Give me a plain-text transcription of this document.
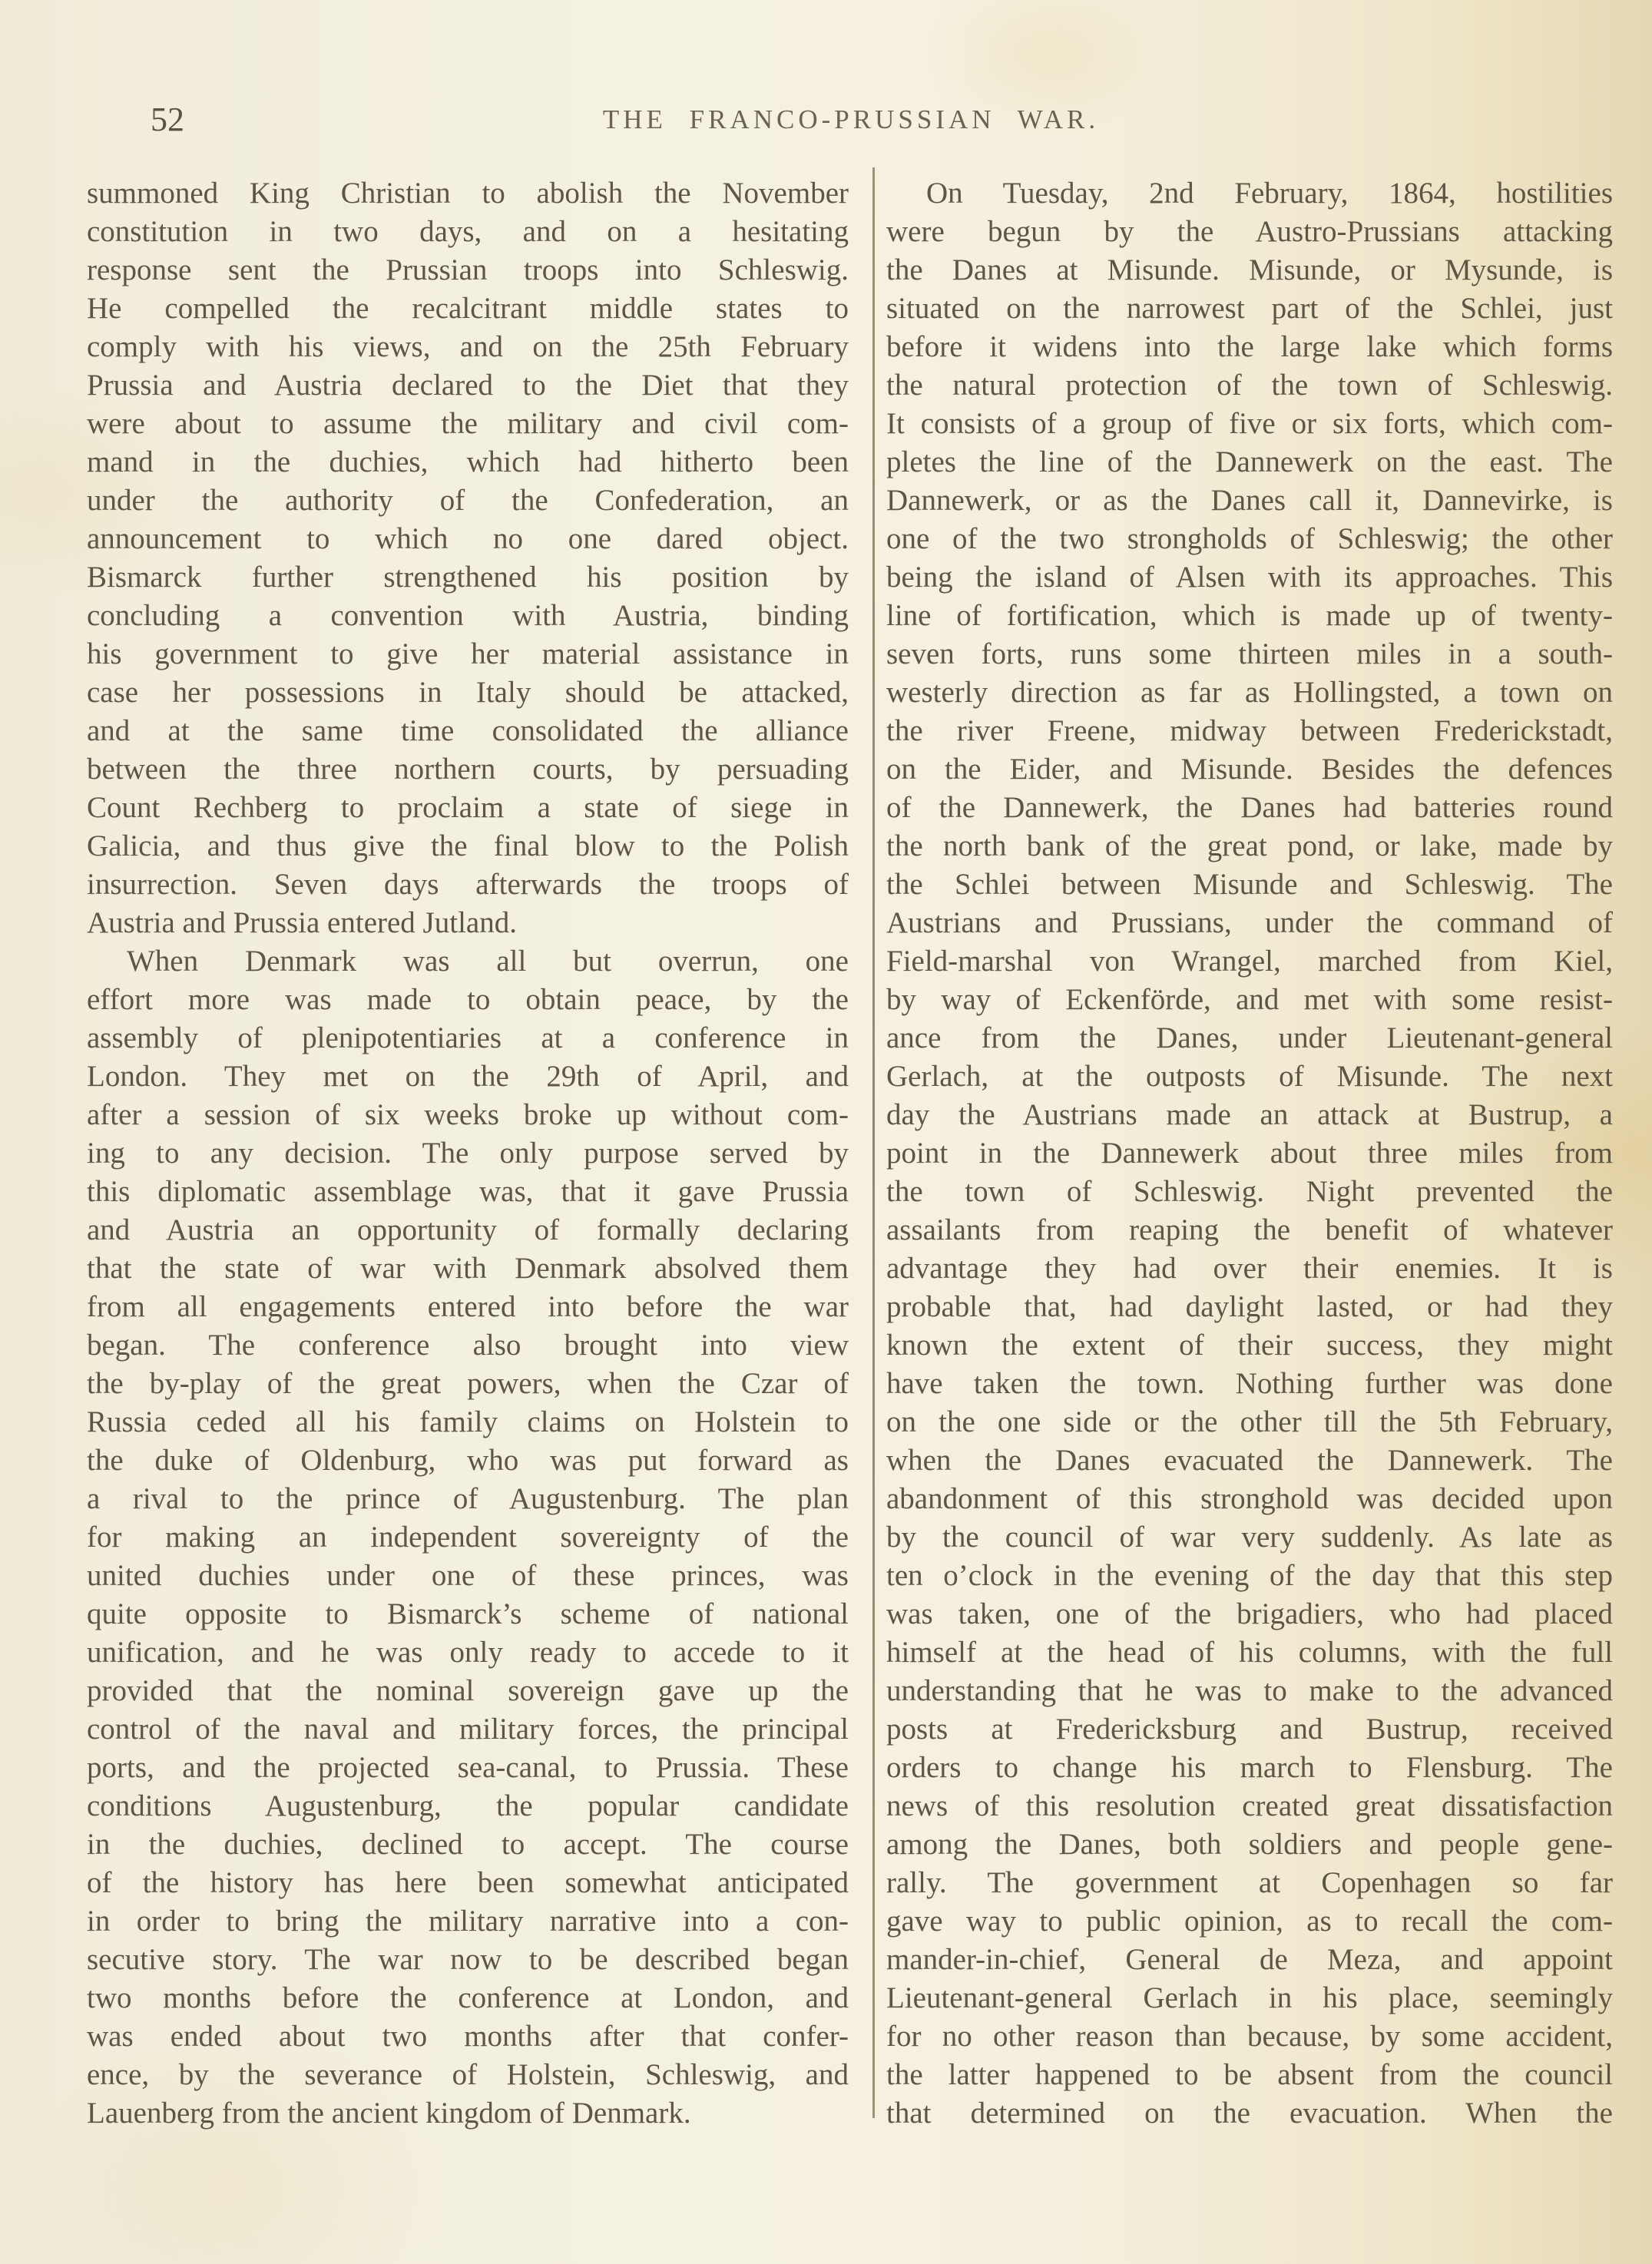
52	THE FRANCO-PRUSSIAN WAR.
summoned King Christian to abolish the November
constitution in two days, and on a hesitating
response sent the Prussian troops into Schleswig.
He compelled the recalcitrant middle states to
comply with his views, and on the 25th February
Prussia and Austria declared to the Diet that they
were about to assume the military and civil com-
mand in the duchies, which had hitherto been
under the authority of the Confederation, an
announcement to which no one dared object.
Bismarck further strengthened his position by
concluding a convention with Austria, binding
his government to give her material assistance in
case her possessions in Italy should be attacked,
and at the same time consolidated the alliance
between the three northern courts, by persuading
Count Rechberg to proclaim a state of siege in
Galicia, and thus give the final blow to the Polish
insurrection. Seven days afterwards the troops of
Austria and Prussia entered Jutland.
When Denmark was all but overrun, one
effort more was made to obtain peace, by the
assembly of plenipotentiaries at a conference in
London. They met on the 29th of April, and
after a session of six weeks broke up without com-
ing to any decision. The only purpose served by
this diplomatic assemblage was, that it gave Prussia
and Austria an opportunity of formally declaring
that the state of war with Denmark absolved them
from all engagements entered into before the war
began. The conference also brought into view
the by-play of the great powers, when the Czar of
Russia ceded all his family claims on Holstein to
the duke of Oldenburg, who was put forward as
a rival to the prince of Augustenburg. The plan
for making an independent sovereignty of the
united duchies under one of these princes, was
quite opposite to Bismarck’s scheme of national
unification, and he was only ready to accede to it
provided that the nominal sovereign gave up the
control of the naval and military forces, the principal
ports, and the projected sea-canal, to Prussia. These
conditions Augustenburg, the popular candidate
in the duchies, declined to accept. The course
of the history has here been somewhat anticipated
in order to bring the military narrative into a con-
secutive story. The war now to be described began
two months before the conference at London, and
was ended about two months after that confer-
ence, by the severance of Holstein, Schleswig, and
Lauenberg from the ancient kingdom of Denmark.
On Tuesday, 2nd February, 1864, hostilities
were begun by the Austro-Prussians attacking
the Danes at Misunde. Misunde, or Mysunde, is
situated on the narrowest part of the Schlei, just
before it widens into the large lake which forms
the natural protection of the town of Schleswig.
It consists of a group of five or six forts, which com-
pletes the line of the Dannewerk on the east. The
Dannewerk, or as the Danes call it, Dannevirke, is
one of the two strongholds of Schleswig; the other
being the island of Alsen with its approaches. This
line of fortification, which is made up of twenty-
seven forts, runs some thirteen miles in a south-
westerly direction as far as Hollingsted, a town on
the river Freene, midway between Frederickstadt,
on the Eider, and Misunde. Besides the defences
of the Dannewerk, the Danes had batteries round
the north bank of the great pond, or lake, made by
the Schlei between Misunde and Schleswig. The
Austrians and Prussians, under the command of
Field-marshal von Wrangel, marched from Kiel,
by way of Eckenförde, and met with some resist-
ance from the Danes, under Lieutenant-general
Gerlach, at the outposts of Misunde. The next
day the Austrians made an attack at Bustrup, a
point in the Dannewerk about three miles from
the town of Schleswig. Night prevented the
assailants from reaping the benefit of whatever
advantage they had over their enemies. It is
probable that, had daylight lasted, or had they
known the extent of their success, they might
have taken the town. Nothing further was done
on the one side or the other till the 5th February,
when the Danes evacuated the Dannewerk. The
abandonment of this stronghold was decided upon
by the council of war very suddenly. As late as
ten o’clock in the evening of the day that this step
was taken, one of the brigadiers, who had placed
himself at the head of his columns, with the full
understanding that he was to make to the advanced
posts at Fredericksburg and Bustrup, received
orders to change his march to Flensburg. The
news of this resolution created great dissatisfaction
among the Danes, both soldiers and people gene-
rally. The government at Copenhagen so far
gave way to public opinion, as to recall the com-
mander-in-chief, General de Meza, and appoint
Lieutenant-general Gerlach in his place, seemingly
for no other reason than because, by some accident,
the latter happened to be absent from the council
that determined on the evacuation. When the
